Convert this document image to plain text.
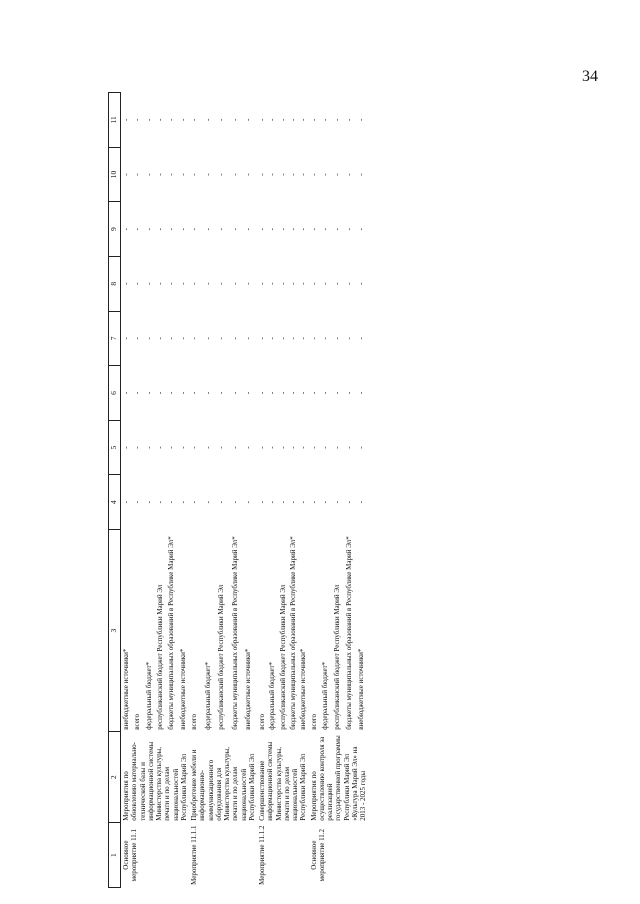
34
1	2	3	4	5	6	7	8	9	10	11

Основное мероприятие 11.1	Мероприятия по обновлению материально-технической базы и информационной системы Министерства культуры, печати и по делам национальностей Республики Марий Эл	внебюджетные источники*	-	-	-	-	-	-	-	-
		всего	-	-	-	-	-	-	-	-
		федеральный бюджет*	-	-	-	-	-	-	-	-
		республиканский бюджет Республики Марий Эл	-	-	-	-	-	-	-	-
		бюджеты муниципальных образований в Республике Марий Эл*	-	-	-	-	-	-	-	-
		внебюджетные источники*	-	-	-	-	-	-	-	-

Мероприятие 11.1.1	Приобретение мебели и информационно-коммуникационного оборудования для Министерства культуры, печати и по делам национальностей Республики Марий Эл	всего	-	-	-	-	-	-	-	-
		федеральный бюджет*	-	-	-	-	-	-	-	-
		республиканский бюджет Республики Марий Эл	-	-	-	-	-	-	-	-
		бюджеты муниципальных образований в Республике Марий Эл*	-	-	-	-	-	-	-	-
		внебюджетные источники*	-	-	-	-	-	-	-	-

Мероприятие 11.1.2	Совершенствование информационной системы Министерства культуры, печати и по делам национальностей Республики Марий Эл	всего	-	-	-	-	-	-	-	-
		федеральный бюджет*	-	-	-	-	-	-	-	-
		республиканский бюджет Республики Марий Эл	-	-	-	-	-	-	-	-
		бюджеты муниципальных образований в Республике Марий Эл*	-	-	-	-	-	-	-	-
		внебюджетные источники*	-	-	-	-	-	-	-	-

Основное мероприятие 11.2	Мероприятия по осуществлению контроля за реализацией государственной программы Республики Марий Эл «Культура Марий Эл» на 2013 - 2025 годы	всего	-	-	-	-	-	-	-	-
		федеральный бюджет*	-	-	-	-	-	-	-	-
		республиканский бюджет Республики Марий Эл	-	-	-	-	-	-	-	-
		бюджеты муниципальных образований в Республике Марий Эл*	-	-	-	-	-	-	-	-
		внебюджетные источники*	-	-	-	-	-	-	-	-
